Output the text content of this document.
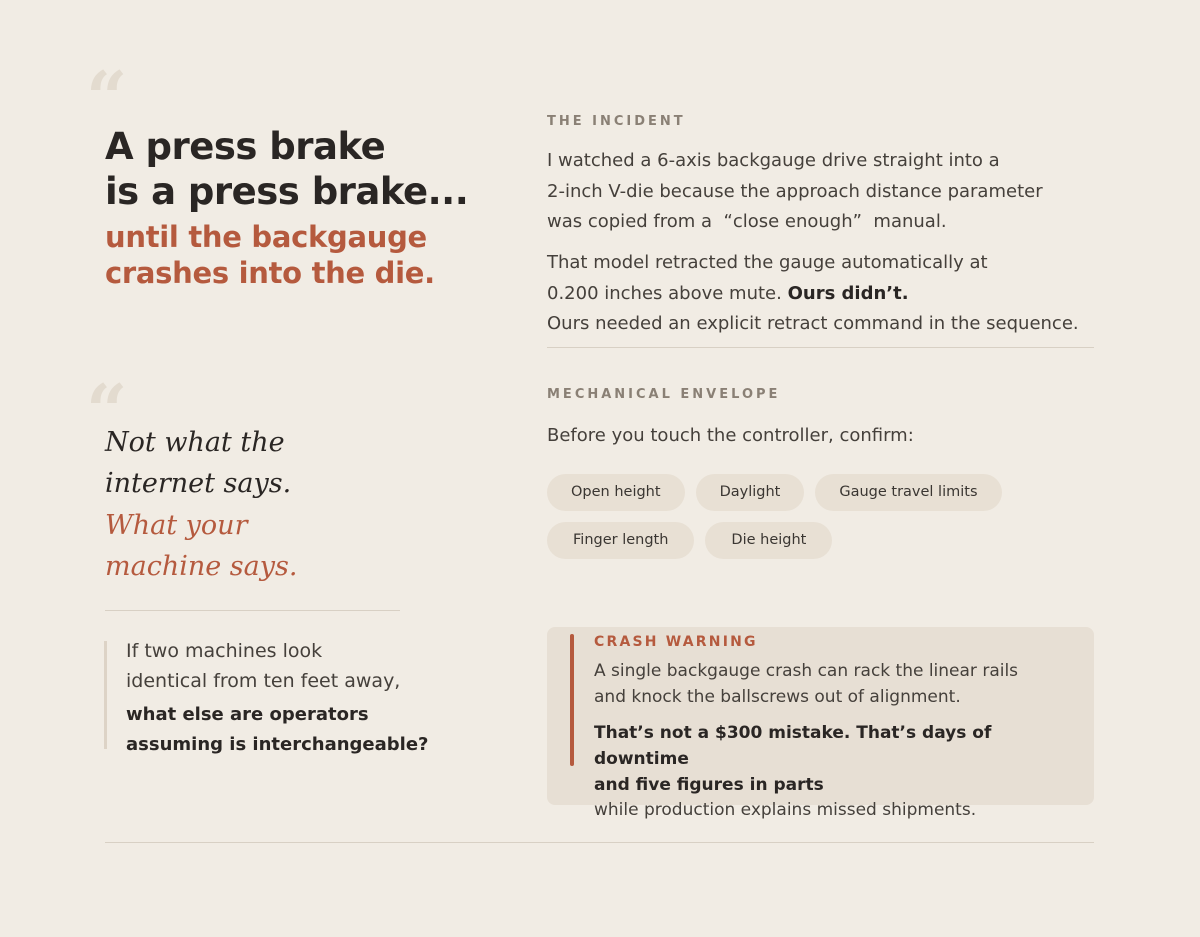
“
A press brake
is a press brake...
until the backgauge
crashes into the die.
“
Not what the
internet says.
What your
machine says.
If two machines look
identical from ten feet away,
what else are operators
assuming is interchangeable?
THE INCIDENT
I watched a 6-axis backgauge drive straight into a
2-inch V-die because the approach distance parameter
was copied from a  “close enough”  manual.
That model retracted the gauge automatically at
0.200 inches above mute. Ours didn’t.
Ours needed an explicit retract command in the sequence.
MECHANICAL ENVELOPE
Before you touch the controller, confirm:
Open height	Daylight	Gauge travel limits
Finger length	Die height
CRASH WARNING
A single backgauge crash can rack the linear rails
and knock the ballscrews out of alignment.
That’s not a $300 mistake. That’s days of downtime
and five figures in parts
while production explains missed shipments.
